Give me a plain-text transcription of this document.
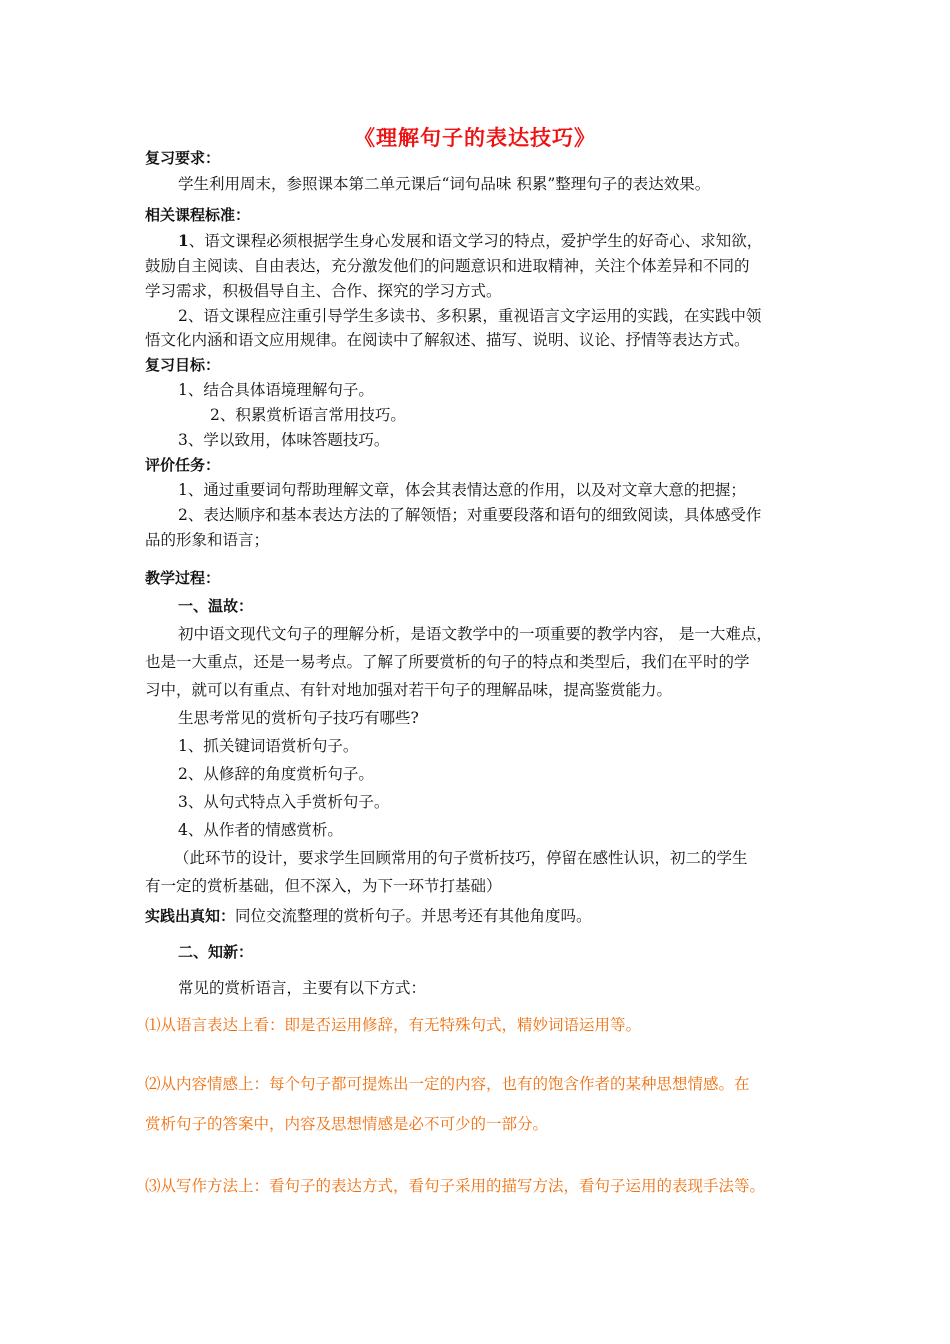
《理解句子的表达技巧》
复习要求：
学生利用周末，参照课本第二单元课后“词句品味 积累”整理句子的表达效果。
相关课程标准：
1、语文课程必须根据学生身心发展和语文学习的特点，爱护学生的好奇心、求知欲，
鼓励自主阅读、自由表达，充分激发他们的问题意识和进取精神，关注个体差异和不同的
学习需求，积极倡导自主、合作、探究的学习方式。
2、语文课程应注重引导学生多读书、多积累，重视语言文字运用的实践，在实践中领
悟文化内涵和语文应用规律。在阅读中了解叙述、描写、说明、议论、抒情等表达方式。
复习目标：
1、结合具体语境理解句子。
2、积累赏析语言常用技巧。
3、学以致用，体味答题技巧。
评价任务：
1、通过重要词句帮助理解文章，体会其表情达意的作用，以及对文章大意的把握；
2、表达顺序和基本表达方法的了解领悟；对重要段落和语句的细致阅读，具体感受作
品的形象和语言；
教学过程：
一、温故：
初中语文现代文句子的理解分析，是语文教学中的一项重要的教学内容， 是一大难点，
也是一大重点，还是一易考点。了解了所要赏析的句子的特点和类型后，我们在平时的学
习中，就可以有重点、有针对地加强对若干句子的理解品味，提高鉴赏能力。
生思考常见的赏析句子技巧有哪些?
1、抓关键词语赏析句子。
2、从修辞的角度赏析句子。
3、从句式特点入手赏析句子。
4、从作者的情感赏析。
（此环节的设计，要求学生回顾常用的句子赏析技巧，停留在感性认识，初二的学生
有一定的赏析基础，但不深入，为下一环节打基础）
实践出真知：同位交流整理的赏析句子。并思考还有其他角度吗。
二、知新：
常见的赏析语言，主要有以下方式：
⑴从语言表达上看：即是否运用修辞，有无特殊句式，精妙词语运用等。
⑵从内容情感上：每个句子都可提炼出一定的内容，也有的饱含作者的某种思想情感。在
赏析句子的答案中，内容及思想情感是必不可少的一部分。
⑶从写作方法上：看句子的表达方式，看句子采用的描写方法，看句子运用的表现手法等。
